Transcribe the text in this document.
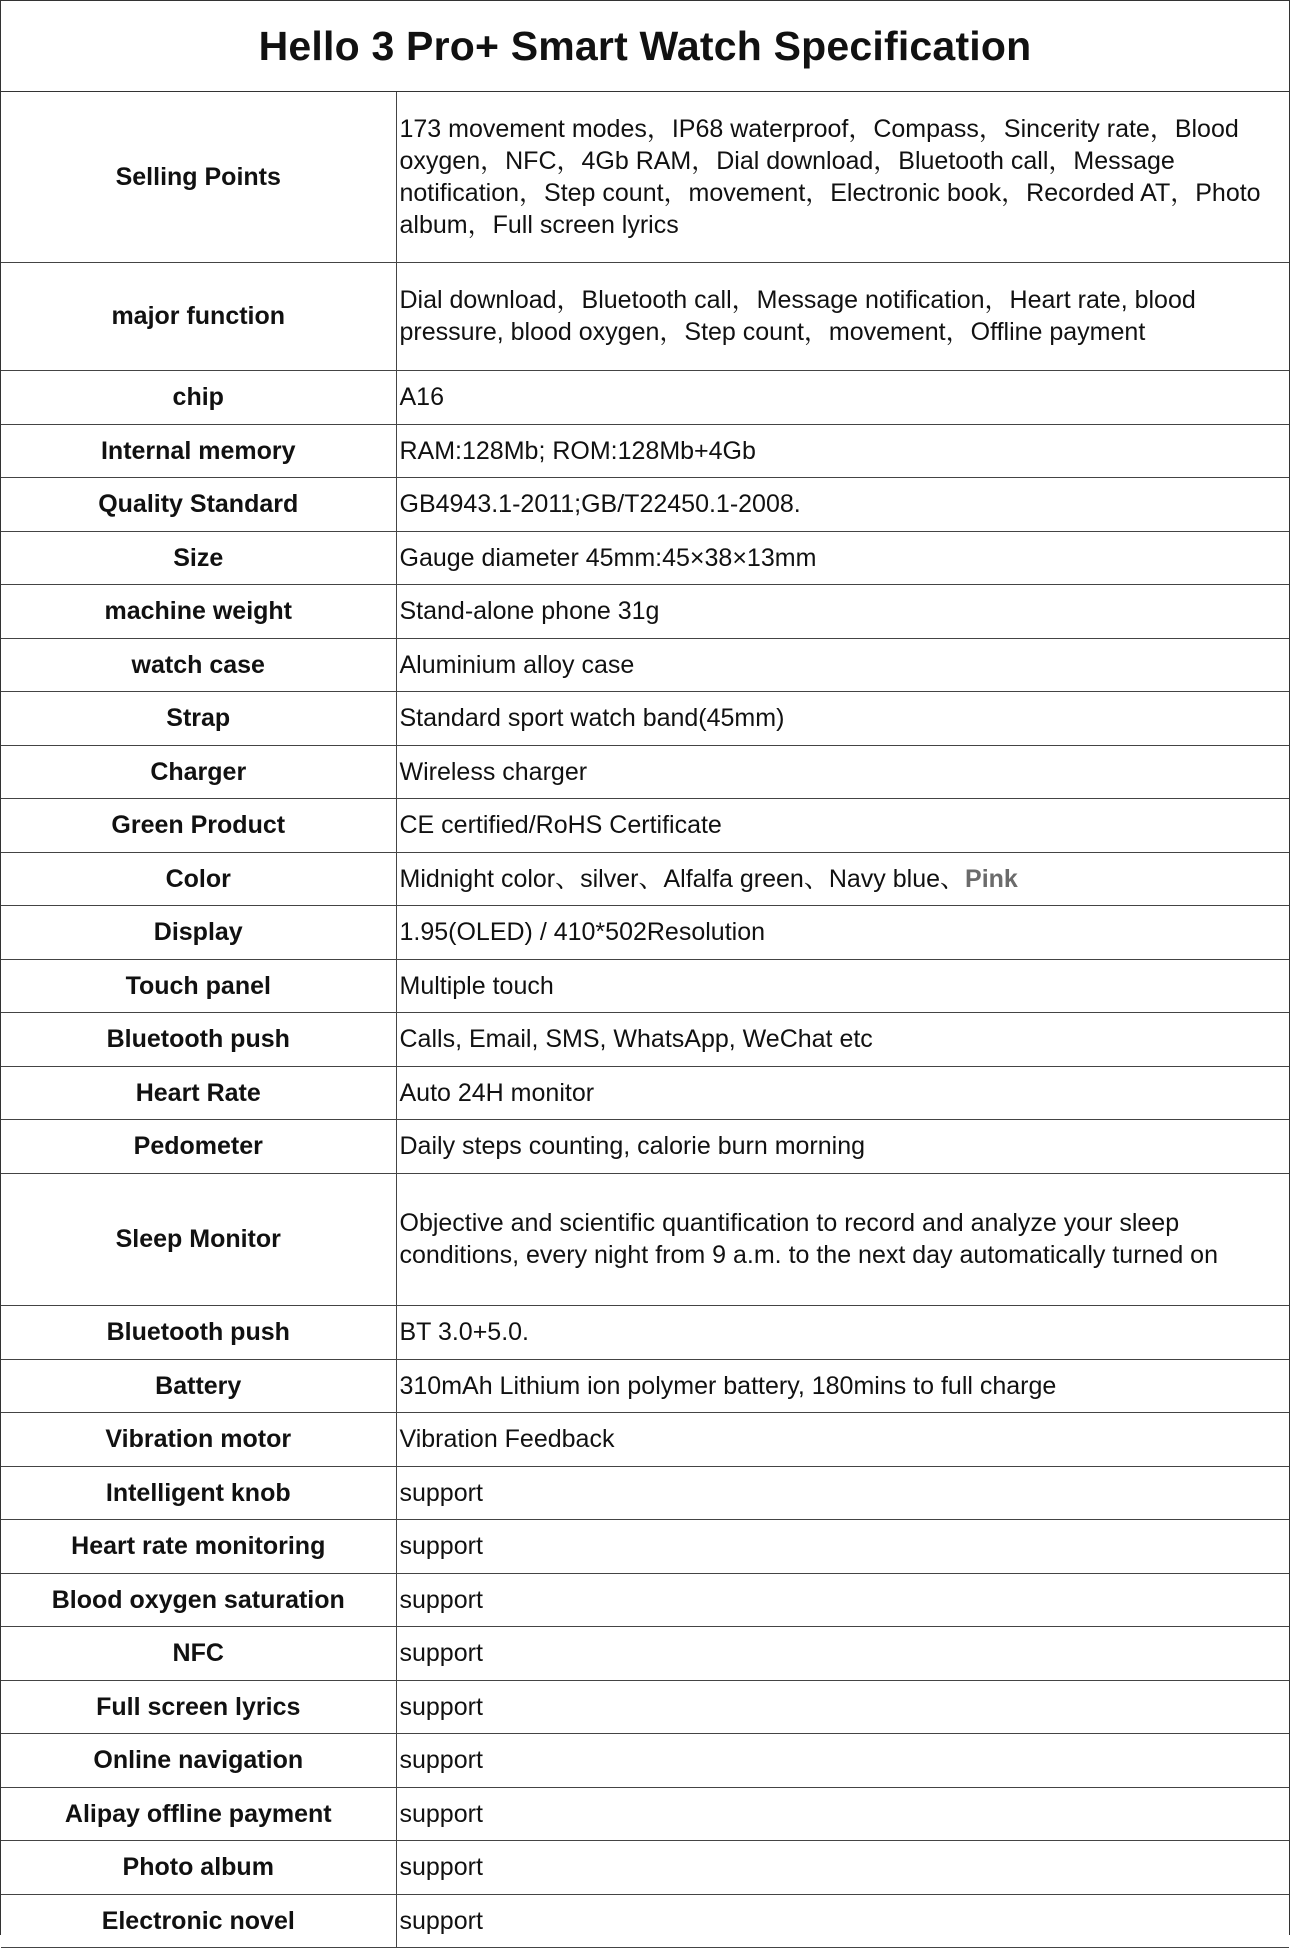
Hello 3 Pro+ Smart Watch Specification
Selling Points	173 movement modes，IP68 waterproof，Compass，Sincerity rate，Blood oxygen，NFC，4Gb RAM，Dial download，Bluetooth call，Message notification，Step count，movement，Electronic book，Recorded AT，Photo album，Full screen lyrics
major function	Dial download，Bluetooth call，Message notification，Heart rate, blood pressure, blood oxygen，Step count，movement，Offline payment
chip	A16
Internal memory	RAM:128Mb; ROM:128Mb+4Gb
Quality Standard	GB4943.1-2011;GB/T22450.1-2008.
Size	Gauge diameter 45mm:45×38×13mm
machine weight	Stand-alone phone 31g
watch case	Aluminium alloy case
Strap	Standard sport watch band(45mm)
Charger	Wireless charger
Green Product	CE certified/RoHS Certificate
Color	Midnight color、silver、Alfalfa green、Navy blue、Pink
Display	1.95(OLED) / 410*502Resolution
Touch panel	Multiple touch
Bluetooth push	Calls, Email, SMS, WhatsApp, WeChat etc
Heart Rate	Auto 24H monitor
Pedometer	Daily steps counting, calorie burn morning
Sleep Monitor	Objective and scientific quantification to record and analyze your sleep conditions, every night from 9 a.m. to the next day automatically turned on
Bluetooth push	BT 3.0+5.0.
Battery	310mAh Lithium ion polymer battery, 180mins to full charge
Vibration motor	Vibration Feedback
Intelligent knob	support
Heart rate monitoring	support
Blood oxygen saturation	support
NFC	support
Full screen lyrics	support
Online navigation	support
Alipay offline payment	support
Photo album	support
Electronic novel	support
